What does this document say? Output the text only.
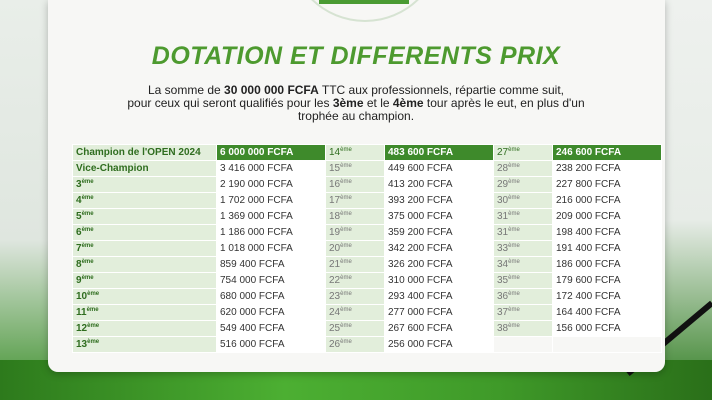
DOTATION ET DIFFERENTS PRIX
La somme de 30 000 000 FCFA TTC aux professionnels, répartie comme suit,
pour ceux qui seront qualifiés pour les 3ème et le 4ème tour après le eut, en plus d'un
trophée au champion.
Champion de l'OPEN 2024	6 000 000 FCFA	14ème	483 600 FCFA	27ème	246 600 FCFA
Vice-Champion	3 416 000 FCFA	15ème	449 600 FCFA	28ème	238 200 FCFA
3ème	2 190 000 FCFA	16ème	413 200 FCFA	29ème	227 800 FCFA
4ème	1 702 000 FCFA	17ème	393 200 FCFA	30ème	216 000 FCFA
5ème	1 369 000 FCFA	18ème	375 000 FCFA	31ème	209 000 FCFA
6ème	1 186 000 FCFA	19ème	359 200 FCFA	31ème	198 400 FCFA
7ème	1 018 000 FCFA	20ème	342 200 FCFA	33ème	191 400 FCFA
8ème	859 400 FCFA	21ème	326 200 FCFA	34ème	186 000 FCFA
9ème	754 000 FCFA	22ème	310 000 FCFA	35ème	179 600 FCFA
10ème	680 000 FCFA	23ème	293 400 FCFA	36ème	172 400 FCFA
11ème	620 000 FCFA	24ème	277 000 FCFA	37ème	164 400 FCFA
12ème	549 400 FCFA	25ème	267 600 FCFA	38ème	156 000 FCFA
13ème	516 000 FCFA	26ème	256 000 FCFA		
